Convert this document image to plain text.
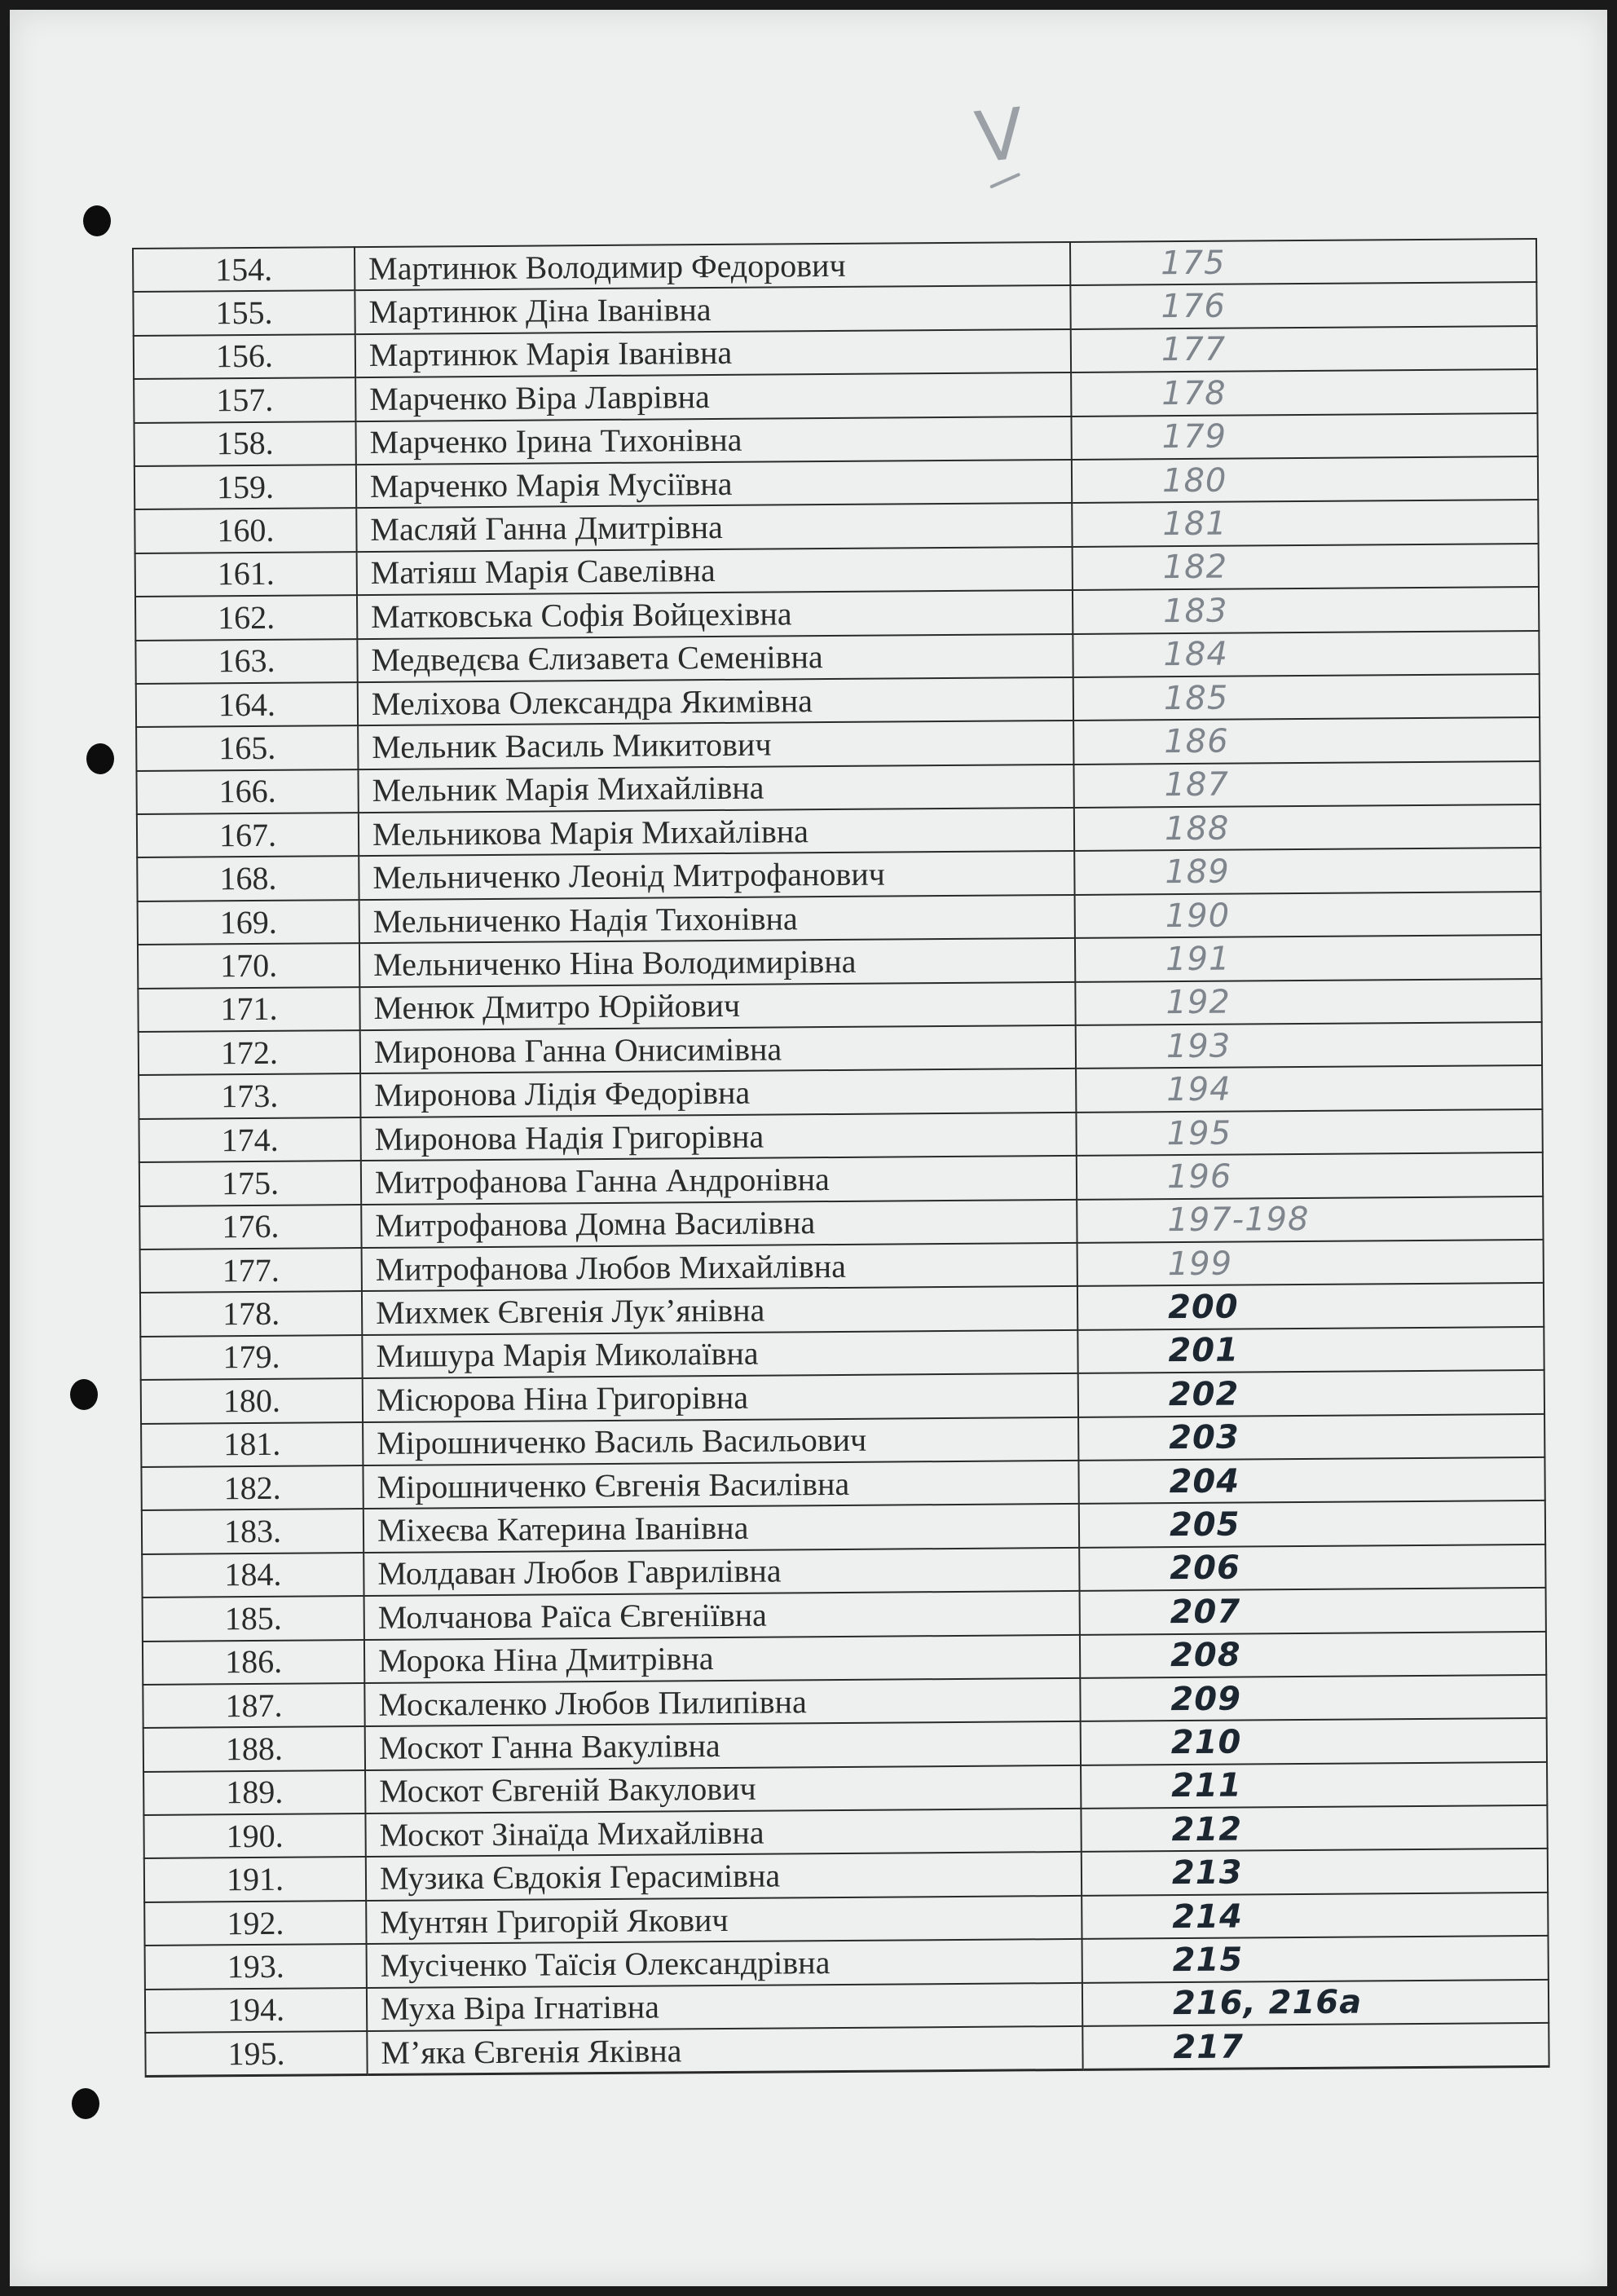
V
154.	Мартинюк Володимир Федорович	175
155.	Мартинюк Діна Іванівна	176
156.	Мартинюк Марія Іванівна	177
157.	Марченко Віра Лаврівна	178
158.	Марченко Ірина Тихонівна	179
159.	Марченко Марія Мусіївна	180
160.	Масляй Ганна Дмитрівна	181
161.	Матіяш Марія Савелівна	182
162.	Матковська Софія Войцехівна	183
163.	Медведєва Єлизавета Семенівна	184
164.	Меліхова Олександра Якимівна	185
165.	Мельник Василь Микитович	186
166.	Мельник Марія Михайлівна	187
167.	Мельникова Марія Михайлівна	188
168.	Мельниченко Леонід Митрофанович	189
169.	Мельниченко Надія Тихонівна	190
170.	Мельниченко Ніна Володимирівна	191
171.	Менюк Дмитро Юрійович	192
172.	Миронова Ганна Онисимівна	193
173.	Миронова Лідія Федорівна	194
174.	Миронова Надія Григорівна	195
175.	Митрофанова Ганна Андронівна	196
176.	Митрофанова Домна Василівна	197-198
177.	Митрофанова Любов Михайлівна	199
178.	Михмек Євгенія Лук’янівна	200
179.	Мишура Марія Миколаївна	201
180.	Місюрова Ніна Григорівна	202
181.	Мірошниченко Василь Васильович	203
182.	Мірошниченко Євгенія Василівна	204
183.	Міхеєва Катерина Іванівна	205
184.	Молдаван Любов Гаврилівна	206
185.	Молчанова Раїса Євгеніївна	207
186.	Морока Ніна Дмитрівна	208
187.	Москаленко Любов Пилипівна	209
188.	Москот Ганна Вакулівна	210
189.	Москот Євгеній Вакулович	211
190.	Москот Зінаїда Михайлівна	212
191.	Музика Євдокія Герасимівна	213
192.	Мунтян Григорій Якович	214
193.	Мусіченко Таїсія Олександрівна	215
194.	Муха Віра Ігнатівна	216, 216а
195.	М’яка Євгенія Яківна	217
